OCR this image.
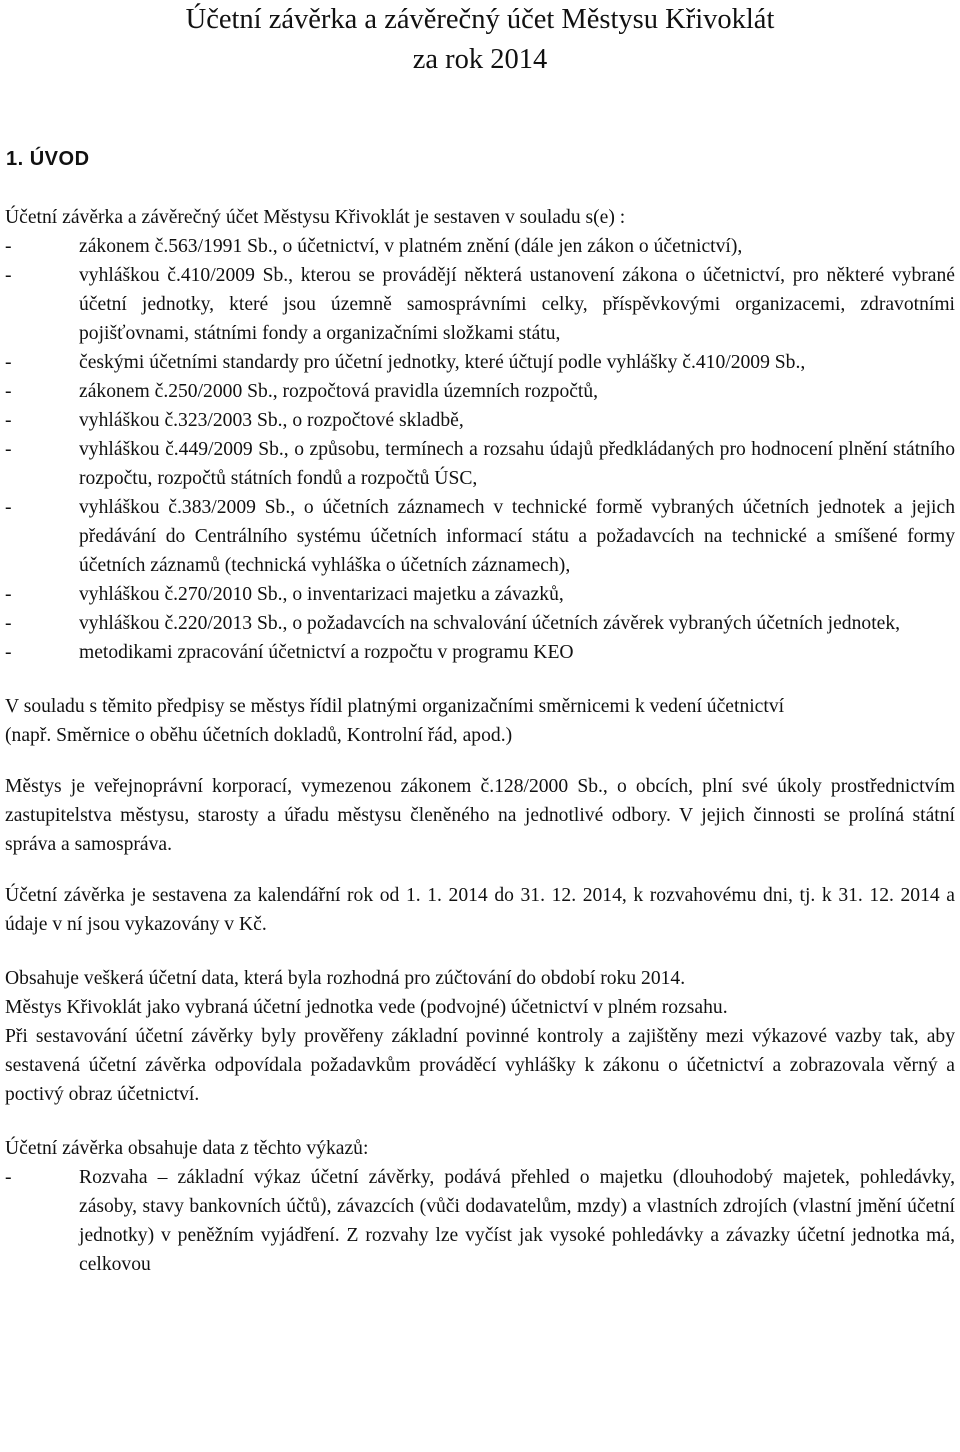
Účetní závěrka a závěrečný účet Městysu Křivoklát
za rok 2014
1. ÚVOD

Účetní závěrka a závěrečný účet Městysu Křivoklát je sestaven v souladu s(e) :

- zákonem č.563/1991 Sb., o účetnictví, v platném znění (dále jen zákon o účetnictví),
- vyhláškou č.410/2009 Sb., kterou se provádějí některá ustanovení zákona o účetnictví, pro některé vybrané účetní jednotky, které jsou územně samosprávními celky, příspěvkovými organizacemi, zdravotními pojišťovnami, státními fondy a organizačními složkami státu,
- českými účetními standardy pro účetní jednotky, které účtují podle vyhlášky č.410/2009 Sb.,
- zákonem č.250/2000 Sb., rozpočtová pravidla územních rozpočtů,
- vyhláškou č.323/2003 Sb., o rozpočtové skladbě,
- vyhláškou č.449/2009 Sb., o způsobu, termínech a rozsahu údajů předkládaných pro hodnocení plnění státního rozpočtu, rozpočtů státních fondů a rozpočtů ÚSC,
- vyhláškou č.383/2009 Sb., o účetních záznamech v technické formě vybraných účetních jednotek a jejich předávání do Centrálního systému účetních informací státu a požadavcích na technické a smíšené formy účetních záznamů (technická vyhláška o účetních záznamech),
- vyhláškou č.270/2010 Sb., o inventarizaci majetku a závazků,
- vyhláškou č.220/2013 Sb., o požadavcích na schvalování účetních závěrek vybraných účetních jednotek,
- metodikami zpracování účetnictví a rozpočtu v programu KEO

V souladu s těmito předpisy se městys řídil platnými organizačními směrnicemi k vedení účetnictví

(např. Směrnice o oběhu účetních dokladů, Kontrolní řád, apod.)

Městys je veřejnoprávní korporací, vymezenou zákonem č.128/2000 Sb., o obcích, plní své úkoly prostřednictvím zastupitelstva městysu, starosty a úřadu městysu členěného na jednotlivé odbory. V jejich činnosti se prolíná státní správa a samospráva.

Účetní závěrka je sestavena za kalendářní rok od 1. 1. 2014 do 31. 12. 2014, k rozvahovému dni, tj. k 31. 12. 2014 a údaje v ní jsou vykazovány v Kč.

Obsahuje veškerá účetní data, která byla rozhodná pro zúčtování do období roku 2014.

Městys Křivoklát jako vybraná účetní jednotka vede (podvojné) účetnictví v plném rozsahu.

Při sestavování účetní závěrky byly prověřeny základní povinné kontroly a zajištěny mezi výkazové vazby tak, aby sestavená účetní závěrka odpovídala požadavkům prováděcí vyhlášky k zákonu o účetnictví a zobrazovala věrný a poctivý obraz účetnictví.

Účetní závěrka obsahuje data z těchto výkazů:

- Rozvaha – základní výkaz účetní závěrky, podává přehled o majetku (dlouhodobý majetek, pohledávky, zásoby, stavy bankovních účtů), závazcích (vůči dodavatelům, mzdy) a vlastních zdrojích (vlastní jmění účetní jednotky) v peněžním vyjádření. Z rozvahy lze vyčíst jak vysoké pohledávky a závazky účetní jednotka má, celkovou
